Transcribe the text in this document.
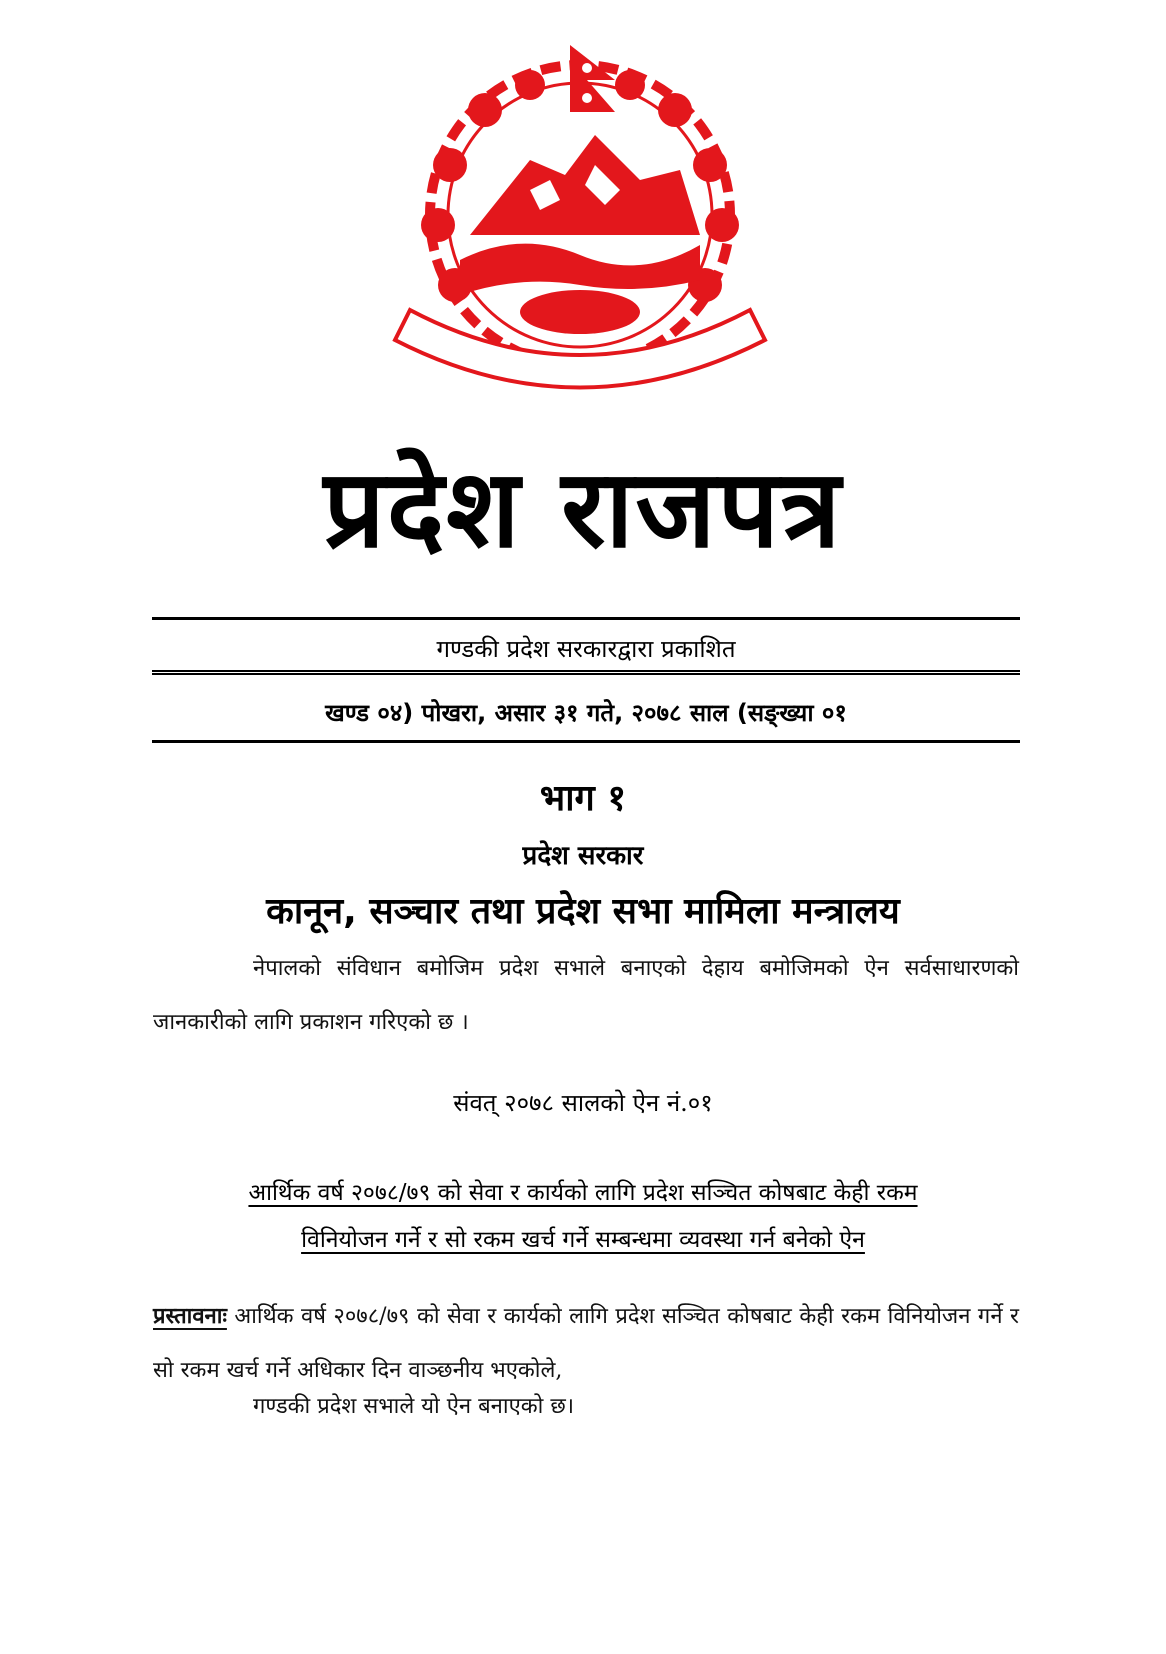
प्रदेश राजपत्र
गण्डकी प्रदेश सरकारद्वारा प्रकाशित
खण्ड ०४) पोखरा, असार ३१ गते, २०७८ साल (सङ्ख्या ०१
भाग १
प्रदेश सरकार
कानून, सञ्चार तथा प्रदेश सभा मामिला मन्त्रालय
नेपालको संविधान बमोजिम प्रदेश सभाले बनाएको देहाय बमोजिमको ऐन सर्वसाधारणको जानकारीको लागि प्रकाशन गरिएको छ ।
संवत् २०७८ सालको ऐन नं.०१
आर्थिक वर्ष २०७८/७९ को सेवा र कार्यको लागि प्रदेश सञ्चित कोषबाट केही रकम
विनियोजन गर्ने र सो रकम खर्च गर्ने सम्बन्धमा व्यवस्था गर्न बनेको ऐन
प्रस्तावनाः आर्थिक वर्ष २०७८/७९ को सेवा र कार्यको लागि प्रदेश सञ्चित कोषबाट केही रकम विनियोजन गर्ने र सो रकम खर्च गर्ने अधिकार दिन वाञ्छनीय भएकोले,
गण्डकी प्रदेश सभाले यो ऐन बनाएको छ।
